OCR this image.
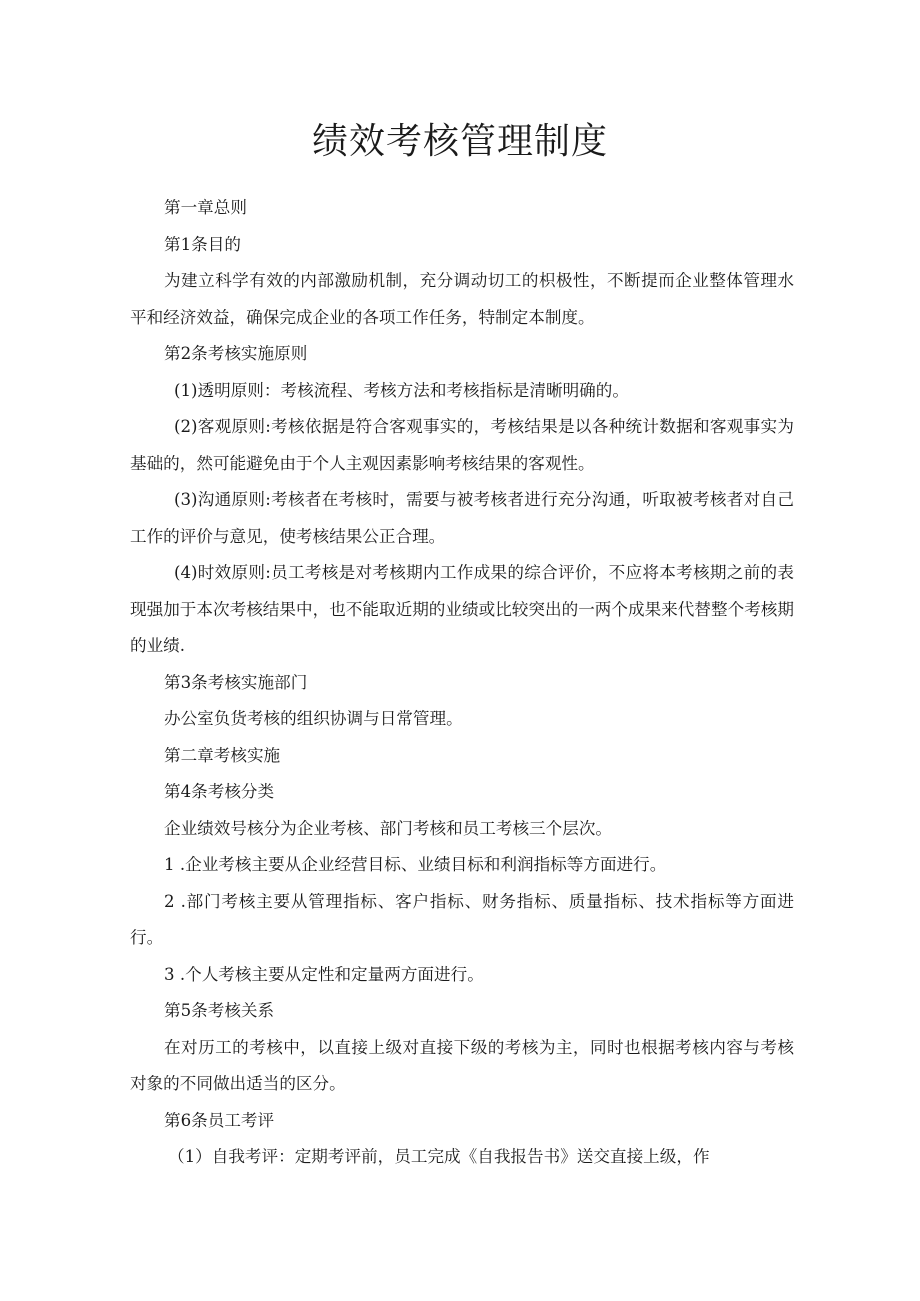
绩效考核管理制度

第一章总则

第1条目的

为建立科学有效的内部激励机制，充分调动切工的枳极性，不断提而企业整体管理水平和经济效益，确保完成企业的各项工作任务，特制定本制度。

第2条考核实施原则

(1)透明原则：考核流程、考核方法和考核指标是清晰明确的。

(2)客观原则:考核依据是符合客观事实的，考核结果是以各种统计数据和客观事实为基础的，然可能避免由于个人主观因素影响考核结果的客观性。

(3)沟通原则:考核者在考核时，需要与被考核者进行充分沟通，听取被考核者对自己工作的评价与意见，使考核结果公正合理。

(4)时效原则:员工考核是对考核期内工作成果的综合评价，不应将本考核期之前的表现强加于本次考核结果中，也不能取近期的业绩或比较突出的一两个成果来代替整个考核期的业绩.

第3条考核实施部门

办公室负货考核的组织协调与日常管理。

第二章考核实施

第4条考核分类

企业绩效号核分为企业考核、部门考核和员工考核三个层次。

1 .企业考核主要从企业经营目标、业绩目标和利润指标等方面进行。

2 .部门考核主要从管理指标、客户指标、财务指标、质量指标、技术指标等方面进行。

3 .个人考核主要从定性和定量两方面进行。

第5条考核关系

在对历工的考核中，以直接上级对直接下级的考核为主，同时也根据考核内容与考核对象的不同做出适当的区分。

第6条员工考评

（1）自我考评：定期考评前，员工完成《自我报告书》送交直接上级，作
